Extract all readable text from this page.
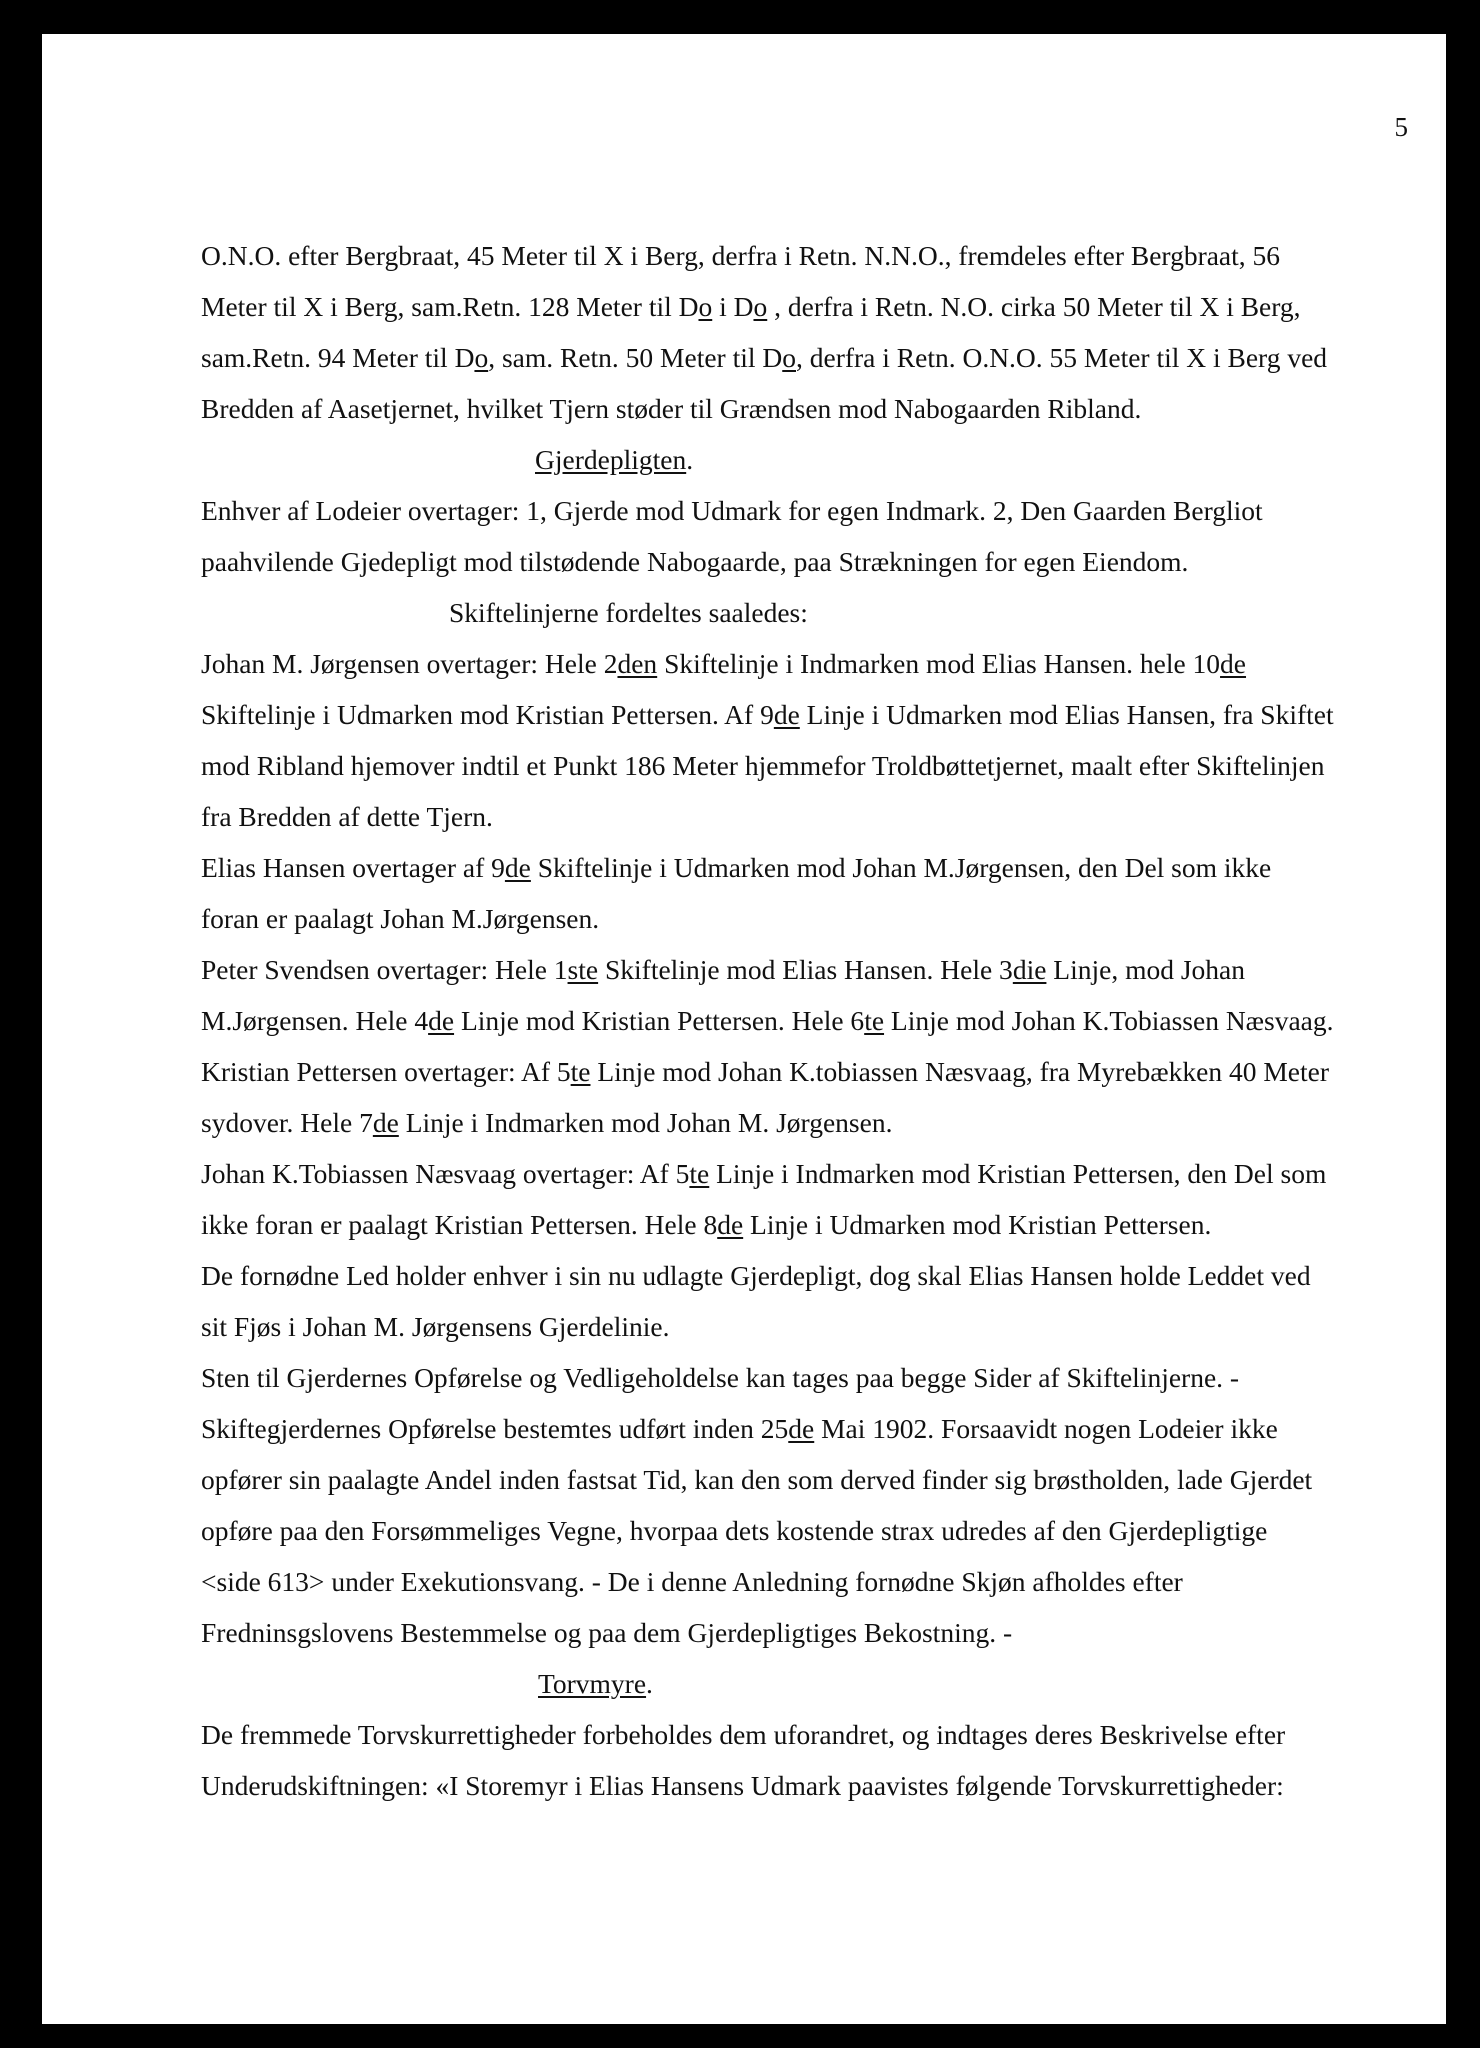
5
O.N.O. efter Bergbraat, 45 Meter til X i Berg, derfra i Retn. N.N.O., fremdeles efter Bergbraat, 56
Meter til X i Berg, sam.Retn. 128 Meter til Do i Do , derfra i Retn. N.O. cirka 50 Meter til X i Berg,
sam.Retn. 94 Meter til Do, sam. Retn. 50 Meter til Do, derfra i Retn. O.N.O. 55 Meter til X i Berg ved
Bredden af Aasetjernet, hvilket Tjern støder til Grændsen mod Nabogaarden Ribland.
Gjerdepligten.
Enhver af Lodeier overtager: 1, Gjerde mod Udmark for egen Indmark. 2, Den Gaarden Bergliot
paahvilende Gjedepligt mod tilstødende Nabogaarde, paa Strækningen for egen Eiendom.
Skiftelinjerne fordeltes saaledes:
Johan M. Jørgensen overtager: Hele 2den Skiftelinje i Indmarken mod Elias Hansen. hele 10de
Skiftelinje i Udmarken mod Kristian Pettersen. Af 9de Linje i Udmarken mod Elias Hansen, fra Skiftet
mod Ribland hjemover indtil et Punkt 186 Meter hjemmefor Troldbøttetjernet, maalt efter Skiftelinjen
fra Bredden af dette Tjern.
Elias Hansen overtager af 9de Skiftelinje i Udmarken mod Johan M.Jørgensen, den Del som ikke
foran er paalagt Johan M.Jørgensen.
Peter Svendsen overtager: Hele 1ste Skiftelinje mod Elias Hansen. Hele 3die Linje, mod Johan
M.Jørgensen. Hele 4de Linje mod Kristian Pettersen. Hele 6te Linje mod Johan K.Tobiassen Næsvaag.
Kristian Pettersen overtager: Af 5te Linje mod Johan K.tobiassen Næsvaag, fra Myrebækken 40 Meter
sydover. Hele 7de Linje i Indmarken mod Johan M. Jørgensen.
Johan K.Tobiassen Næsvaag overtager: Af 5te Linje i Indmarken mod Kristian Pettersen, den Del som
ikke foran er paalagt Kristian Pettersen. Hele 8de Linje i Udmarken mod Kristian Pettersen.
De fornødne Led holder enhver i sin nu udlagte Gjerdepligt, dog skal Elias Hansen holde Leddet ved
sit Fjøs i Johan M. Jørgensens Gjerdelinie.
Sten til Gjerdernes Opførelse og Vedligeholdelse kan tages paa begge Sider af Skiftelinjerne. -
Skiftegjerdernes Opførelse bestemtes udført inden 25de Mai 1902. Forsaavidt nogen Lodeier ikke
opfører sin paalagte Andel inden fastsat Tid, kan den som derved finder sig brøstholden, lade Gjerdet
opføre paa den Forsømmeliges Vegne, hvorpaa dets kostende strax udredes af den Gjerdepligtige
<side 613> under Exekutionsvang. - De i denne Anledning fornødne Skjøn afholdes efter
Fredninsgslovens Bestemmelse og paa dem Gjerdepligtiges Bekostning. -
Torvmyre.
De fremmede Torvskurrettigheder forbeholdes dem uforandret, og indtages deres Beskrivelse efter
Underudskiftningen: «I Storemyr i Elias Hansens Udmark paavistes følgende Torvskurrettigheder:
